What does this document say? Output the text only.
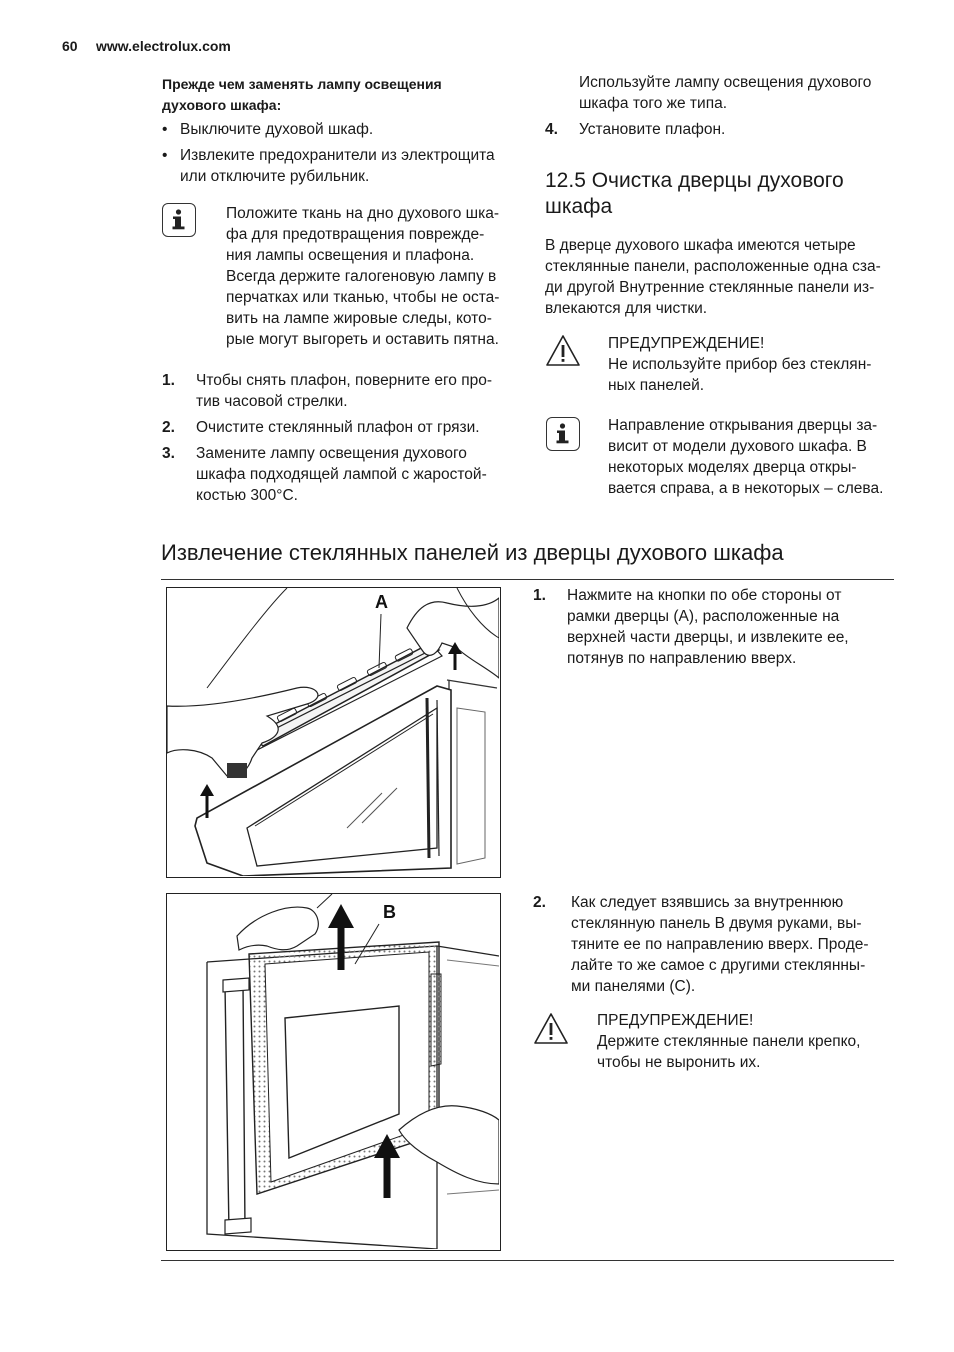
60 www.electrolux.com
Прежде чем заменять лампу освещения
духового шкафа:
• Выключите духовой шкаф.
• Извлеките предохранители из электрощита
или отключите рубильник.
Положите ткань на дно духового шка-
фа для предотвращения поврежде-
ния лампы освещения и плафона.
Всегда держите галогеновую лампу в
перчатках или тканью, чтобы не оста-
вить на лампе жировые следы, кото-
рые могут выгореть и оставить пятна.
1. Чтобы снять плафон, поверните его про-
тив часовой стрелки.
2. Очистите стеклянный плафон от грязи.
3. Замените лампу освещения духового
шкафа подходящей лампой с жаростой-
костью 300°C.
Используйте лампу освещения духового
шкафа того же типа.
4. Установите плафон.
12.5 Очистка дверцы духового
шкафа
В дверце духового шкафа имеются четыре
стеклянные панели, расположенные одна сза-
ди другой Внутренние стеклянные панели из-
влекаются для чистки.
ПРЕДУПРЕЖДЕНИЕ!
Не используйте прибор без стеклян-
ных панелей.
Направление открывания дверцы за-
висит от модели духового шкафа. В
некоторых моделях дверца откры-
вается справа, а в некоторых – слева.
Извлечение стеклянных панелей из дверцы духового шкафа
A	1. Нажмите на кнопки по обе стороны от
рамки дверцы (A), расположенные на
верхней части дверцы, и извлеките ее,
потянув по направлению вверх.
B	2. Как следует взявшись за внутреннюю
стеклянную панель B двумя руками, вы-
тяните ее по направлению вверх. Проде-
лайте то же самое с другими стеклянны-
ми панелями (C).
ПРЕДУПРЕЖДЕНИЕ!
Держите стеклянные панели крепко,
чтобы не выронить их.
